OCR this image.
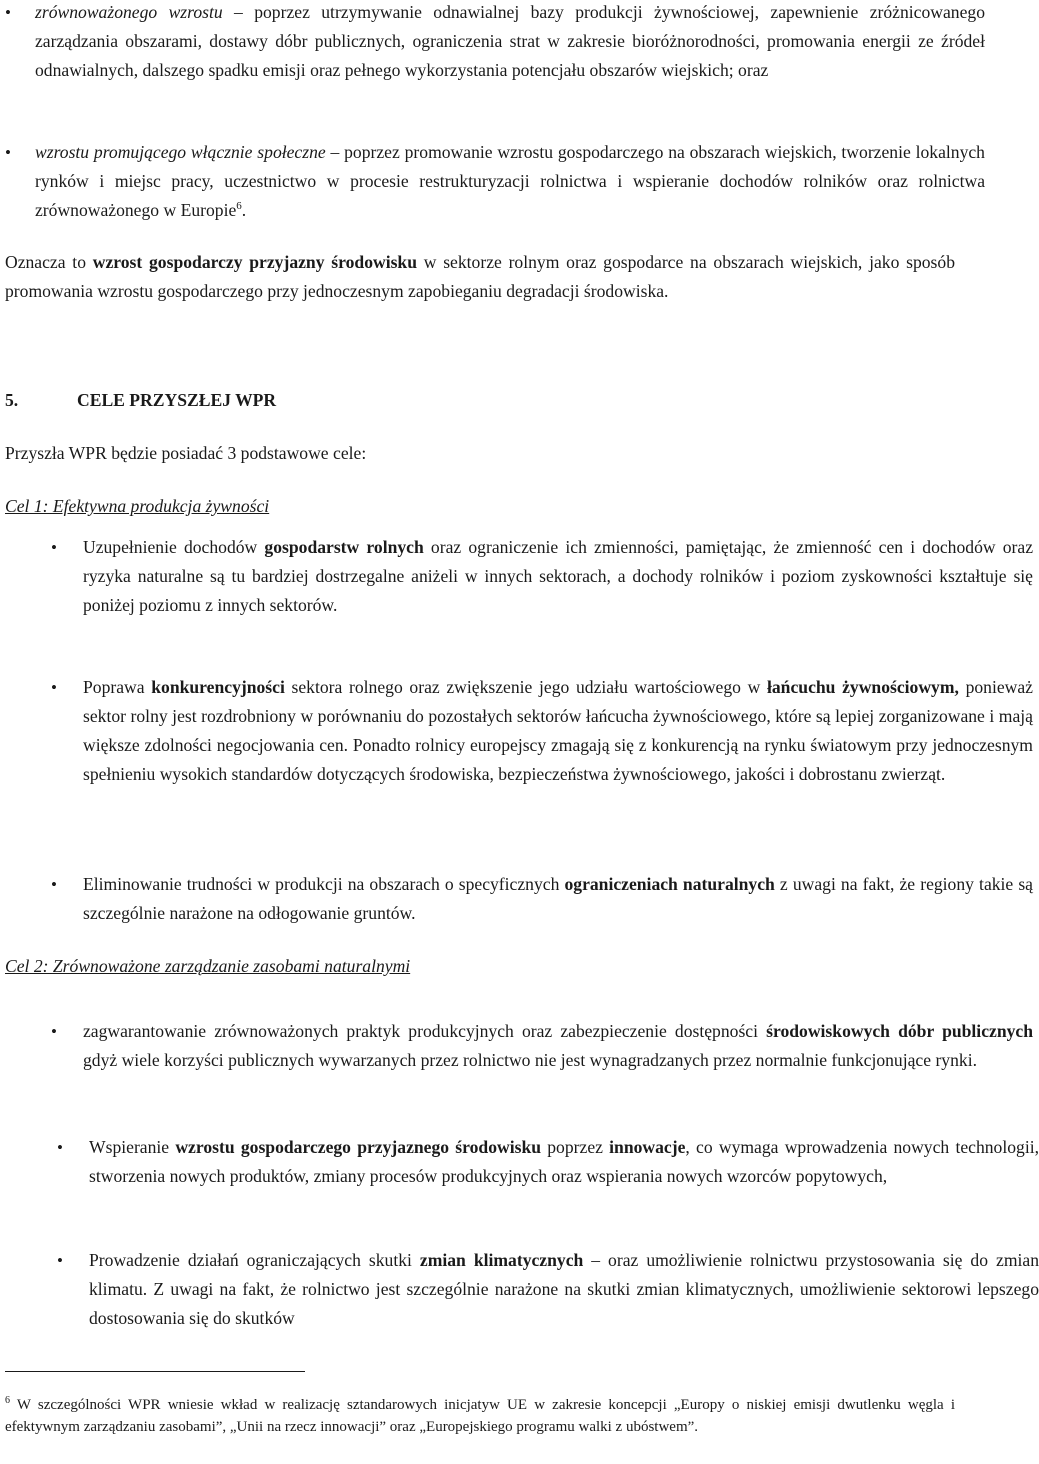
• zrównoważonego wzrostu – poprzez utrzymywanie odnawialnej bazy produkcji żywnościowej, zapewnienie zróżnicowanego zarządzania obszarami, dostawy dóbr publicznych, ograniczenia strat w zakresie bioróżnorodności, promowania energii ze źródeł odnawialnych, dalszego spadku emisji oraz pełnego wykorzystania potencjału obszarów wiejskich; oraz

• wzrostu promującego włącznie społeczne – poprzez promowanie wzrostu gospodarczego na obszarach wiejskich, tworzenie lokalnych rynków i miejsc pracy, uczestnictwo w procesie restrukturyzacji rolnictwa i wspieranie dochodów rolników oraz rolnictwa zrównoważonego w Europie$^6$.

Oznacza to wzrost gospodarczy przyjazny środowisku w sektorze rolnym oraz gospodarce na obszarach wiejskich, jako sposób promowania wzrostu gospodarczego przy jednoczesnym zapobieganiu degradacji środowiska.

5.	CELE PRZYSZŁEJ WPR

Przyszła WPR będzie posiadać 3 podstawowe cele:

Cel 1: Efektywna produkcja żywności

• Uzupełnienie dochodów gospodarstw rolnych oraz ograniczenie ich zmienności, pamiętając, że zmienność cen i dochodów oraz ryzyka naturalne są tu bardziej dostrzegalne aniżeli w innych sektorach, a dochody rolników i poziom zyskowności kształtuje się poniżej poziomu z innych sektorów.

• Poprawa konkurencyjności sektora rolnego oraz zwiększenie jego udziału wartościowego w łańcuchu żywnościowym, ponieważ sektor rolny jest rozdrobniony w porównaniu do pozostałych sektorów łańcucha żywnościowego, które są lepiej zorganizowane i mają większe zdolności negocjowania cen. Ponadto rolnicy europejscy zmagają się z konkurencją na rynku światowym przy jednoczesnym spełnieniu wysokich standardów dotyczących środowiska, bezpieczeństwa żywnościowego, jakości i dobrostanu zwierząt.

• Eliminowanie trudności w produkcji na obszarach o specyficznych ograniczeniach naturalnych z uwagi na fakt, że regiony takie są szczególnie narażone na odłogowanie gruntów.

Cel 2: Zrównoważone zarządzanie zasobami naturalnymi

• zagwarantowanie zrównoważonych praktyk produkcyjnych oraz zabezpieczenie dostępności środowiskowych dóbr publicznych gdyż wiele korzyści publicznych wywarzanych przez rolnictwo nie jest wynagradzanych przez normalnie funkcjonujące rynki.

• Wspieranie wzrostu gospodarczego przyjaznego środowisku poprzez innowacje, co wymaga wprowadzenia nowych technologii, stworzenia nowych produktów, zmiany procesów produkcyjnych oraz wspierania nowych wzorców popytowych,

• Prowadzenie działań ograniczających skutki zmian klimatycznych – oraz umożliwienie rolnictwu przystosowania się do zmian klimatu. Z uwagi na fakt, że rolnictwo jest szczególnie narażone na skutki zmian klimatycznych, umożliwienie sektorowi lepszego dostosowania się do skutków

$^6$ W szczególności WPR wniesie wkład w realizację sztandarowych inicjatyw UE w zakresie koncepcji „Europy o niskiej emisji dwutlenku węgla i efektywnym zarządzaniu zasobami”, „Unii na rzecz innowacji” oraz „Europejskiego programu walki z ubóstwem”.
